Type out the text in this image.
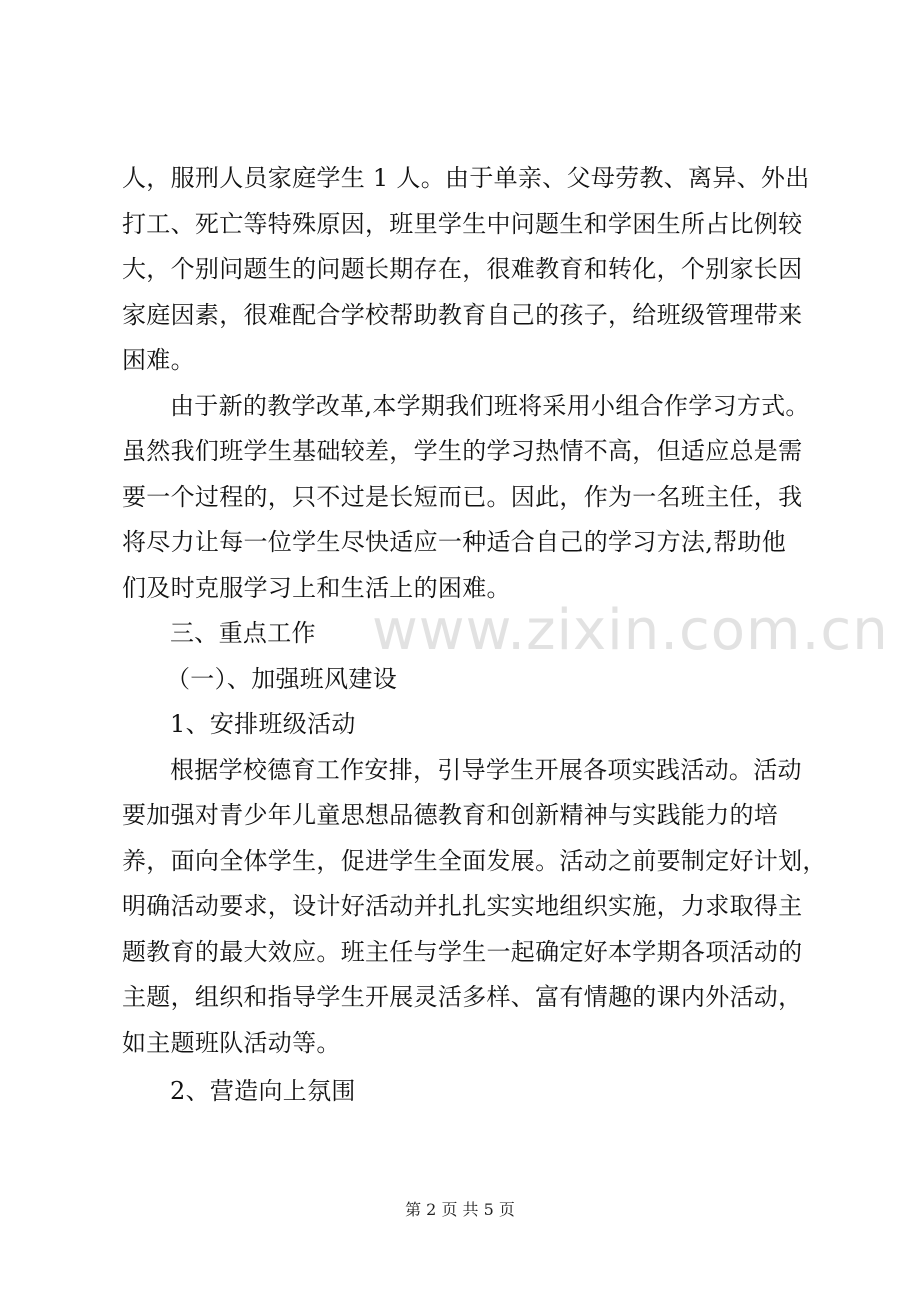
人，服刑人员家庭学生 1 人。由于单亲、父母劳教、离异、外出
打工、死亡等特殊原因，班里学生中问题生和学困生所占比例较
大，个别问题生的问题长期存在，很难教育和转化，个别家长因
家庭因素，很难配合学校帮助教育自己的孩子，给班级管理带来
困难。
由于新的教学改革,本学期我们班将采用小组合作学习方式。
虽然我们班学生基础较差，学生的学习热情不高，但适应总是需
要一个过程的，只不过是长短而已。因此，作为一名班主任，我
将尽力让每一位学生尽快适应一种适合自己的学习方法,帮助他
们及时克服学习上和生活上的困难。
三、重点工作
（一）、加强班风建设
1、安排班级活动
根据学校德育工作安排，引导学生开展各项实践活动。活动
要加强对青少年儿童思想品德教育和创新精神与实践能力的培
养，面向全体学生，促进学生全面发展。活动之前要制定好计划，
明确活动要求，设计好活动并扎扎实实地组织实施，力求取得主
题教育的最大效应。班主任与学生一起确定好本学期各项活动的
主题，组织和指导学生开展灵活多样、富有情趣的课内外活动，
如主题班队活动等。
2、营造向上氛围
www.zixin.com.cn
第 2 页 共 5 页
